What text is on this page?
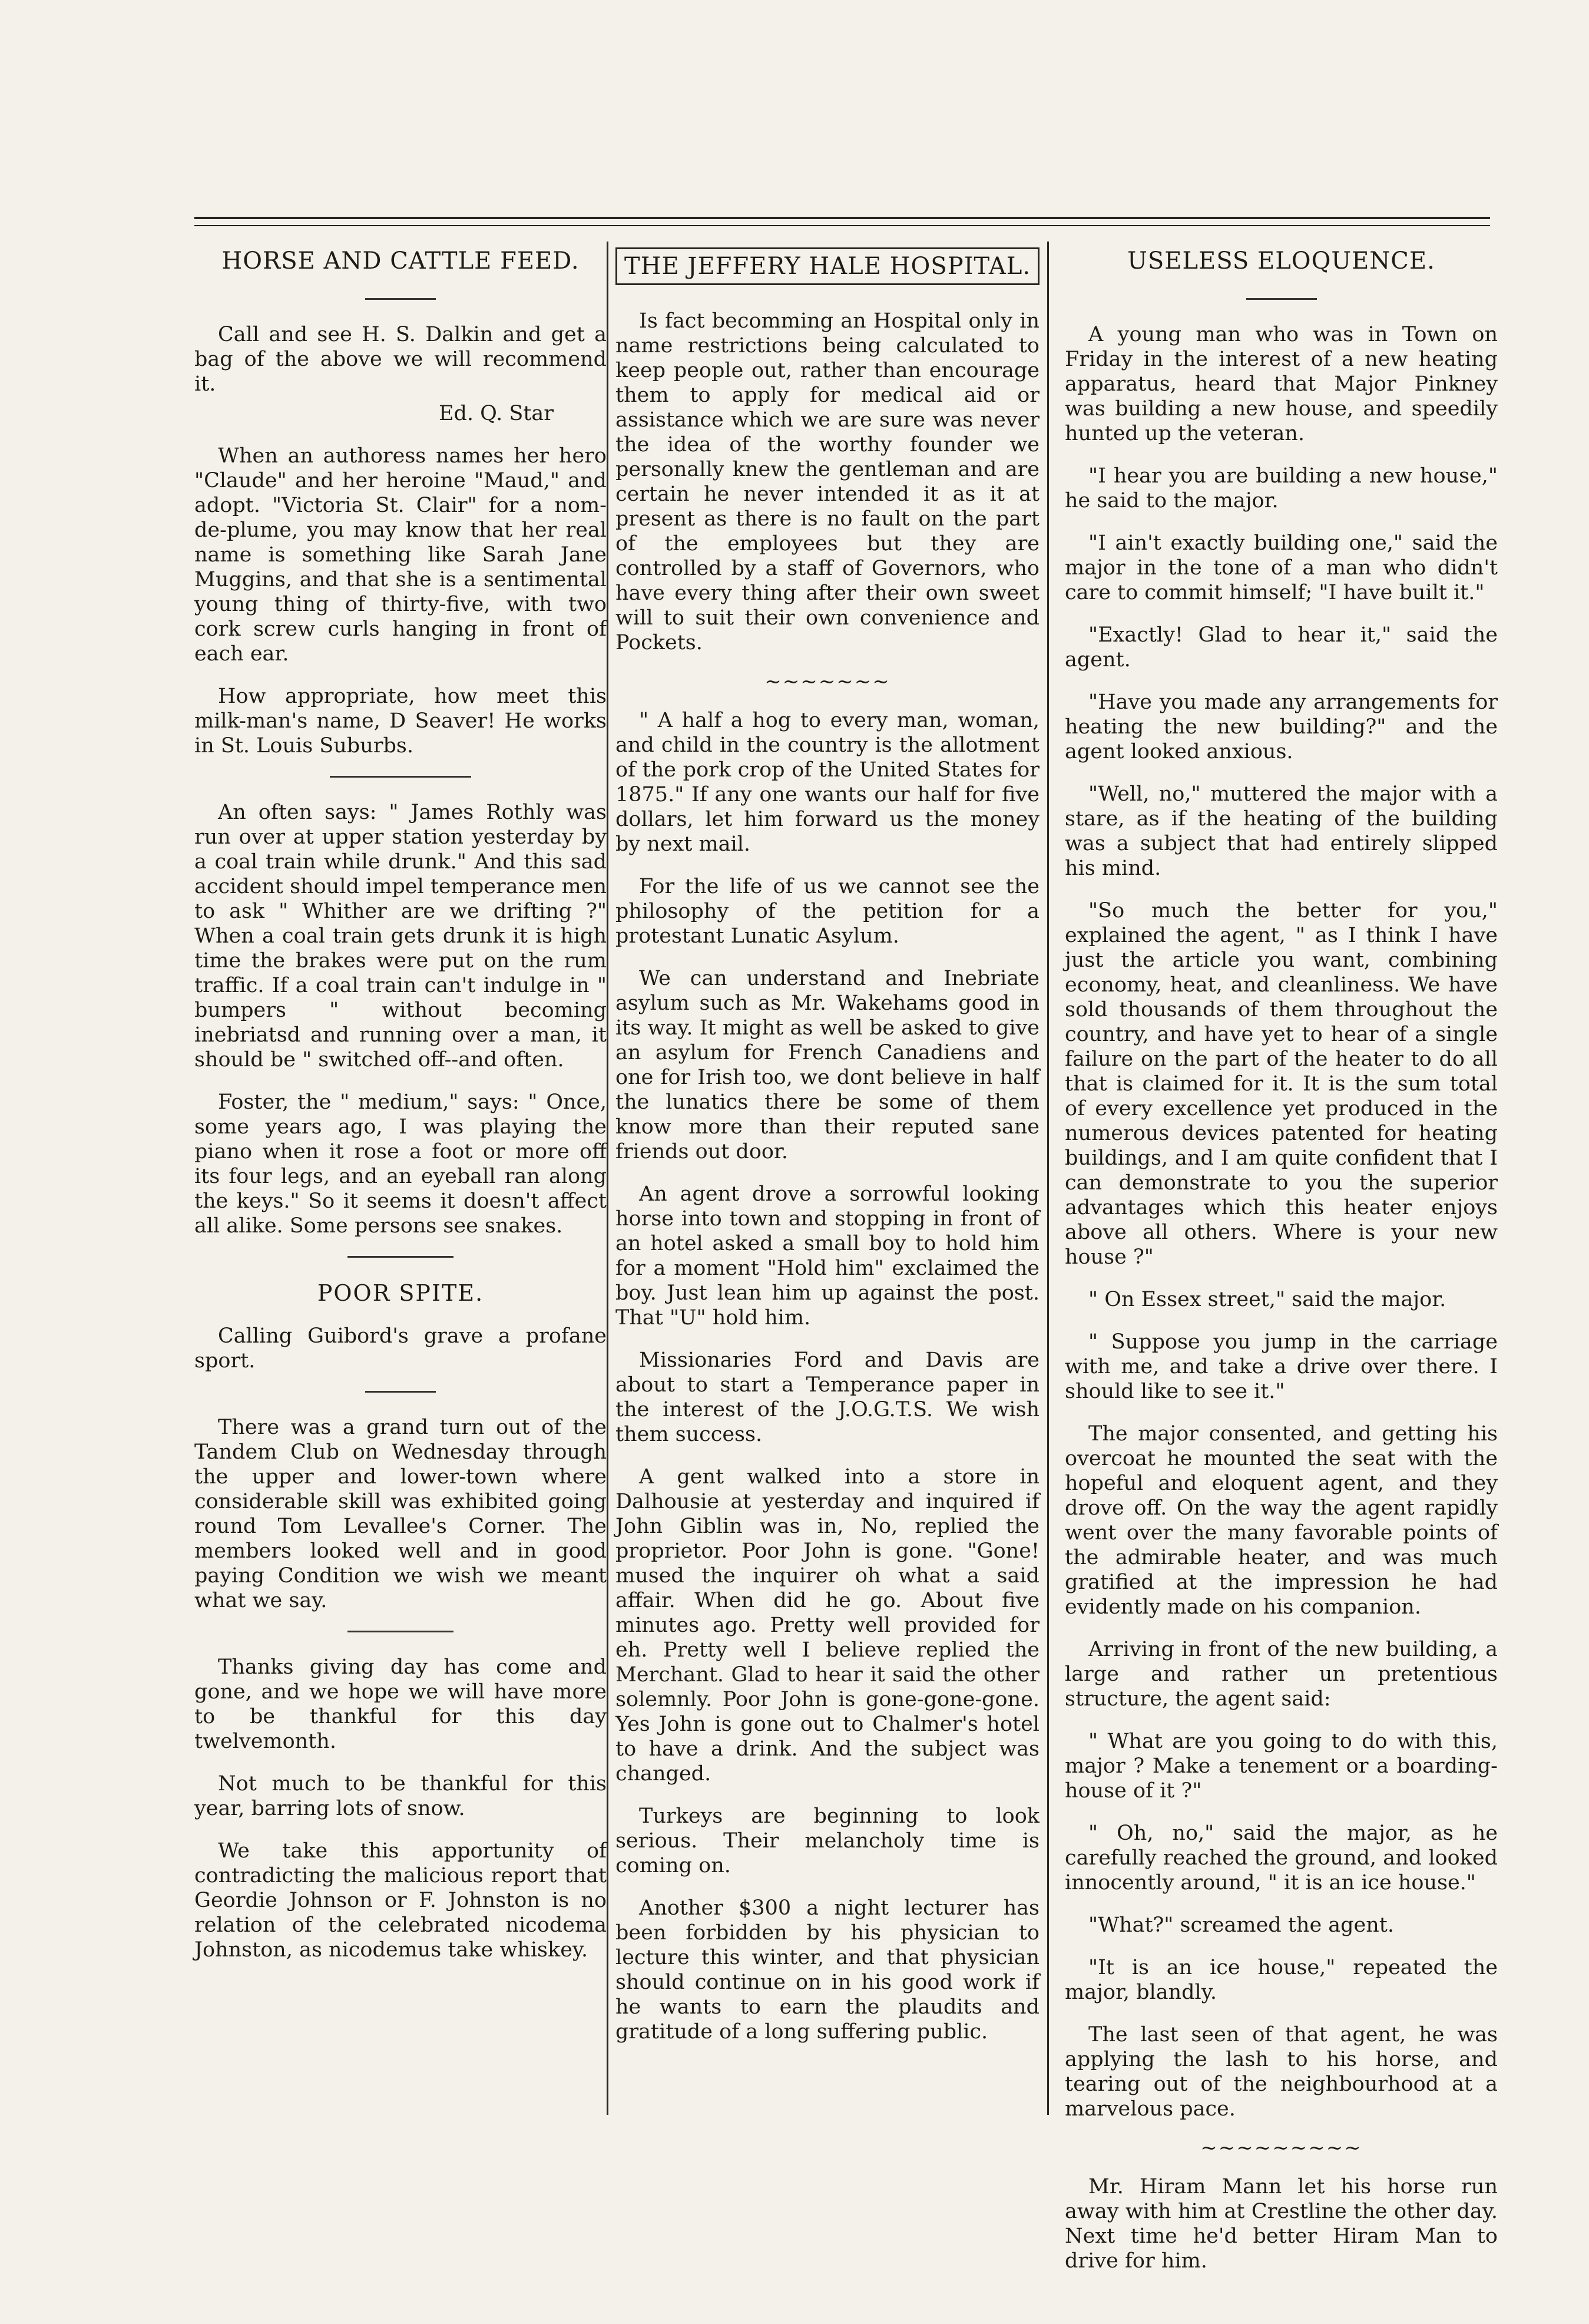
HORSE AND CATTLE FEED.

Call and see H. S. Dalkin and get a bag of the above we will recommend it.

Ed. Q. Star

When an authoress names her hero "Claude" and her heroine "Maud," and adopt. "Victoria St. Clair" for a nom-de-plume, you may know that her real name is something like Sarah Jane Muggins, and that she is a sentimental young thing of thirty-five, with two cork screw curls hanging in front of each ear.

How appropriate, how meet this milk-man's name, D Seaver! He works in St. Louis Suburbs.

An often says: " James Rothly was run over at upper station yesterday by a coal train while drunk." And this sad accident should impel temperance men to ask " Whither are we drifting ?" When a coal train gets drunk it is high time the brakes were put on the rum traffic. If a coal train can't indulge in " bumpers " without becoming inebriatsd and running over a man, it should be " switched off--and often.

Foster, the " medium," says: " Once, some years ago, I was playing the piano when it rose a foot or more off its four legs, and an eyeball ran along the keys." So it seems it doesn't affect all alike. Some persons see snakes.

POOR SPITE.

Calling Guibord's grave a profane sport.

There was a grand turn out of the Tandem Club on Wednesday through the upper and lower-town where considerable skill was exhibited going round Tom Levallee's Corner. The members looked well and in good paying Condition we wish we meant what we say.

Thanks giving day has come and gone, and we hope we will have more to be thankful for this day twelvemonth.

Not much to be thankful for this year, barring lots of snow.

We take this apportunity of contradicting the malicious report that Geordie Johnson or F. Johnston is no relation of the celebrated nicodema Johnston, as nicodemus take whiskey.

THE JEFFERY HALE HOSPITAL.

Is fact becomming an Hospital only in name restrictions being calculated to keep people out, rather than encourage them to apply for medical aid or assistance which we are sure was never the idea of the worthy founder we personally knew the gentleman and are certain he never intended it as it at present as there is no fault on the part of the employees but they are controlled by a staff of Governors, who have every thing after their own sweet will to suit their own convenience and Pockets.

~~~~~~~

" A half a hog to every man, woman, and child in the country is the allotment of the pork crop of the United States for 1875." If any one wants our half for five dollars, let him forward us the money by next mail.

For the life of us we cannot see the philosophy of the petition for a protestant Lunatic Asylum.

We can understand and Inebriate asylum such as Mr. Wakehams good in its way. It might as well be asked to give an asylum for French Canadiens and one for Irish too, we dont believe in half the lunatics there be some of them know more than their reputed sane friends out door.

An agent drove a sorrowful looking horse into town and stopping in front of an hotel asked a small boy to hold him for a moment "Hold him" exclaimed the boy. Just lean him up against the post. That "U" hold him.

Missionaries Ford and Davis are about to start a Temperance paper in the interest of the J.O.G.T.S. We wish them success.

A gent walked into a store in Dalhousie at yesterday and inquired if John Giblin was in, No, replied the proprietor. Poor John is gone. "Gone! mused the inquirer oh what a said affair. When did he go. About five minutes ago. Pretty well provided for eh. Pretty well I believe replied the Merchant. Glad to hear it said the other solemnly. Poor John is gone-gone-gone. Yes John is gone out to Chalmer's hotel to have a drink. And the subject was changed.

Turkeys are beginning to look serious. Their melancholy time is coming on.

Another $300 a night lecturer has been forbidden by his physician to lecture this winter, and that physician should continue on in his good work if he wants to earn the plaudits and gratitude of a long suffering public.

USELESS ELOQUENCE.

A young man who was in Town on Friday in the interest of a new heating apparatus, heard that Major Pinkney was building a new house, and speedily hunted up the veteran.

"I hear you are building a new house," he said to the major.

"I ain't exactly building one," said the major in the tone of a man who didn't care to commit himself; "I have built it."

"Exactly! Glad to hear it," said the agent.

"Have you made any arrangements for heating the new building?" and the agent looked anxious.

"Well, no," muttered the major with a stare, as if the heating of the building was a subject that had entirely slipped his mind.

"So much the better for you," explained the agent, " as I think I have just the article you want, combining economy, heat, and cleanliness. We have sold thousands of them throughout the country, and have yet to hear of a single failure on the part of the heater to do all that is claimed for it. It is the sum total of every excellence yet produced in the numerous devices patented for heating buildings, and I am quite confident that I can demonstrate to you the superior advantages which this heater enjoys above all others. Where is your new house ?"

" On Essex street," said the major.

" Suppose you jump in the carriage with me, and take a drive over there. I should like to see it."

The major consented, and getting his overcoat he mounted the seat with the hopeful and eloquent agent, and they drove off. On the way the agent rapidly went over the many favorable points of the admirable heater, and was much gratified at the impression he had evidently made on his companion.

Arriving in front of the new building, a large and rather un pretentious structure, the agent said:

" What are you going to do with this, major ? Make a tenement or a boarding-house of it ?"

" Oh, no," said the major, as he carefully reached the ground, and looked innocently around, " it is an ice house."

"What?" screamed the agent.

"It is an ice house," repeated the major, blandly.

The last seen of that agent, he was applying the lash to his horse, and tearing out of the neighbourhood at a marvelous pace.

~~~~~~~~~

Mr. Hiram Mann let his horse run away with him at Crestline the other day. Next time he'd better Hiram Man to drive for him.
